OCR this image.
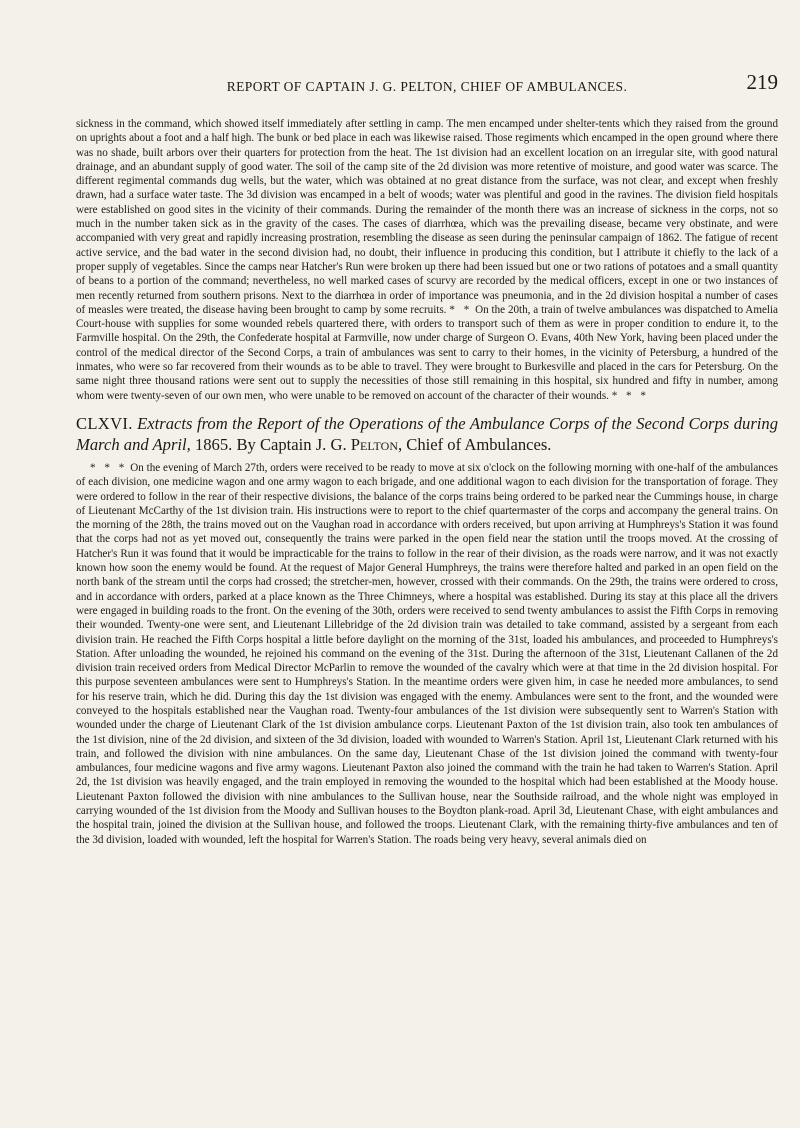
REPORT OF CAPTAIN J. G. PELTON, CHIEF OF AMBULANCES.	219

sickness in the command, which showed itself immediately after settling in camp. The men encamped under shelter-tents which they raised from the ground on uprights about a foot and a half high. The bunk or bed place in each was likewise raised. Those regiments which encamped in the open ground where there was no shade, built arbors over their quarters for protection from the heat. The 1st division had an excellent location on an irregular site, with good natural drainage, and an abundant supply of good water. The soil of the camp site of the 2d division was more retentive of moisture, and good water was scarce. The different regimental commands dug wells, but the water, which was obtained at no great distance from the surface, was not clear, and except when freshly drawn, had a surface water taste. The 3d division was encamped in a belt of woods; water was plentiful and good in the ravines. The division field hospitals were established on good sites in the vicinity of their commands. During the remainder of the month there was an increase of sickness in the corps, not so much in the number taken sick as in the gravity of the cases. The cases of diarrhœa, which was the prevailing disease, became very obstinate, and were accompanied with very great and rapidly increasing prostration, resembling the disease as seen during the peninsular campaign of 1862. The fatigue of recent active service, and the bad water in the second division had, no doubt, their influence in producing this condition, but I attribute it chiefly to the lack of a proper supply of vegetables. Since the camps near Hatcher's Run were broken up there had been issued but one or two rations of potatoes and a small quantity of beans to a portion of the command; nevertheless, no well marked cases of scurvy are recorded by the medical officers, except in one or two instances of men recently returned from southern prisons. Next to the diarrhœa in order of importance was pneumonia, and in the 2d division hospital a number of cases of measles were treated, the disease having been brought to camp by some recruits. * * On the 20th, a train of twelve ambulances was dispatched to Amelia Court-house with supplies for some wounded rebels quartered there, with orders to transport such of them as were in proper condition to endure it, to the Farmville hospital. On the 29th, the Confederate hospital at Farmville, now under charge of Surgeon O. Evans, 40th New York, having been placed under the control of the medical director of the Second Corps, a train of ambulances was sent to carry to their homes, in the vicinity of Petersburg, a hundred of the inmates, who were so far recovered from their wounds as to be able to travel. They were brought to Burkesville and placed in the cars for Petersburg. On the same night three thousand rations were sent out to supply the necessities of those still remaining in this hospital, six hundred and fifty in number, among whom were twenty-seven of our own men, who were unable to be removed on account of the character of their wounds. * * *

CLXVI. Extracts from the Report of the Operations of the Ambulance Corps of the Second Corps during March and April, 1865. By Captain J. G. Pelton, Chief of Ambulances.

* * * On the evening of March 27th, orders were received to be ready to move at six o'clock on the following morning with one-half of the ambulances of each division, one medicine wagon and one army wagon to each brigade, and one additional wagon to each division for the transportation of forage. They were ordered to follow in the rear of their respective divisions, the balance of the corps trains being ordered to be parked near the Cummings house, in charge of Lieutenant McCarthy of the 1st division train. His instructions were to report to the chief quartermaster of the corps and accompany the general trains. On the morning of the 28th, the trains moved out on the Vaughan road in accordance with orders received, but upon arriving at Humphreys's Station it was found that the corps had not as yet moved out, consequently the trains were parked in the open field near the station until the troops moved. At the crossing of Hatcher's Run it was found that it would be impracticable for the trains to follow in the rear of their division, as the roads were narrow, and it was not exactly known how soon the enemy would be found. At the request of Major General Humphreys, the trains were therefore halted and parked in an open field on the north bank of the stream until the corps had crossed; the stretcher-men, however, crossed with their commands. On the 29th, the trains were ordered to cross, and in accordance with orders, parked at a place known as the Three Chimneys, where a hospital was established. During its stay at this place all the drivers were engaged in building roads to the front. On the evening of the 30th, orders were received to send twenty ambulances to assist the Fifth Corps in removing their wounded. Twenty-one were sent, and Lieutenant Lillebridge of the 2d division train was detailed to take command, assisted by a sergeant from each division train. He reached the Fifth Corps hospital a little before daylight on the morning of the 31st, loaded his ambulances, and proceeded to Humphreys's Station. After unloading the wounded, he rejoined his command on the evening of the 31st. During the afternoon of the 31st, Lieutenant Callanen of the 2d division train received orders from Medical Director McParlin to remove the wounded of the cavalry which were at that time in the 2d division hospital. For this purpose seventeen ambulances were sent to Humphreys's Station. In the meantime orders were given him, in case he needed more ambulances, to send for his reserve train, which he did. During this day the 1st division was engaged with the enemy. Ambulances were sent to the front, and the wounded were conveyed to the hospitals established near the Vaughan road. Twenty-four ambulances of the 1st division were subsequently sent to Warren's Station with wounded under the charge of Lieutenant Clark of the 1st division ambulance corps. Lieutenant Paxton of the 1st division train, also took ten ambulances of the 1st division, nine of the 2d division, and sixteen of the 3d division, loaded with wounded to Warren's Station. April 1st, Lieutenant Clark returned with his train, and followed the division with nine ambulances. On the same day, Lieutenant Chase of the 1st division joined the command with twenty-four ambulances, four medicine wagons and five army wagons. Lieutenant Paxton also joined the command with the train he had taken to Warren's Station. April 2d, the 1st division was heavily engaged, and the train employed in removing the wounded to the hospital which had been established at the Moody house. Lieutenant Paxton followed the division with nine ambulances to the Sullivan house, near the Southside railroad, and the whole night was employed in carrying wounded of the 1st division from the Moody and Sullivan houses to the Boydton plank-road. April 3d, Lieutenant Chase, with eight ambulances and the hospital train, joined the division at the Sullivan house, and followed the troops. Lieutenant Clark, with the remaining thirty-five ambulances and ten of the 3d division, loaded with wounded, left the hospital for Warren's Station. The roads being very heavy, several animals died on
